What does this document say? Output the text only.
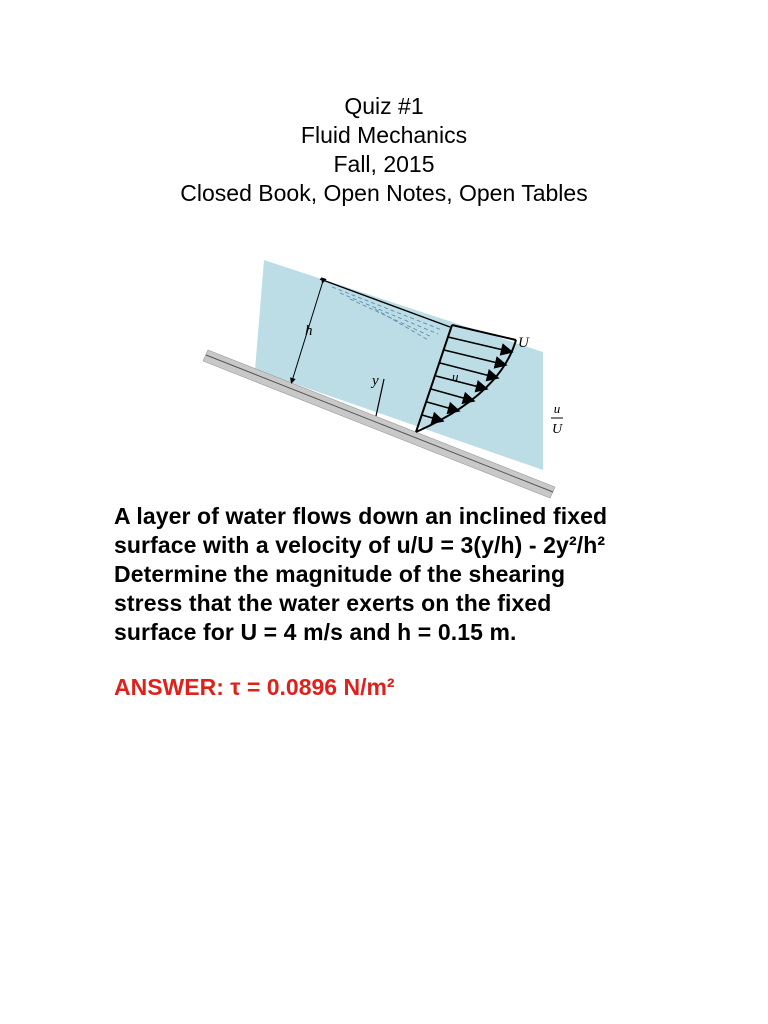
Quiz #1
Fluid Mechanics
Fall, 2015
Closed Book, Open Notes, Open Tables
h
U
u
y
u
U
A layer of water flows down an inclined fixed
surface with a velocity of u/U = 3(y/h) - 2y²/h²
Determine the magnitude of the shearing
stress that the water exerts on the fixed
surface for U = 4 m/s and h = 0.15 m.
ANSWER: τ = 0.0896 N/m²
